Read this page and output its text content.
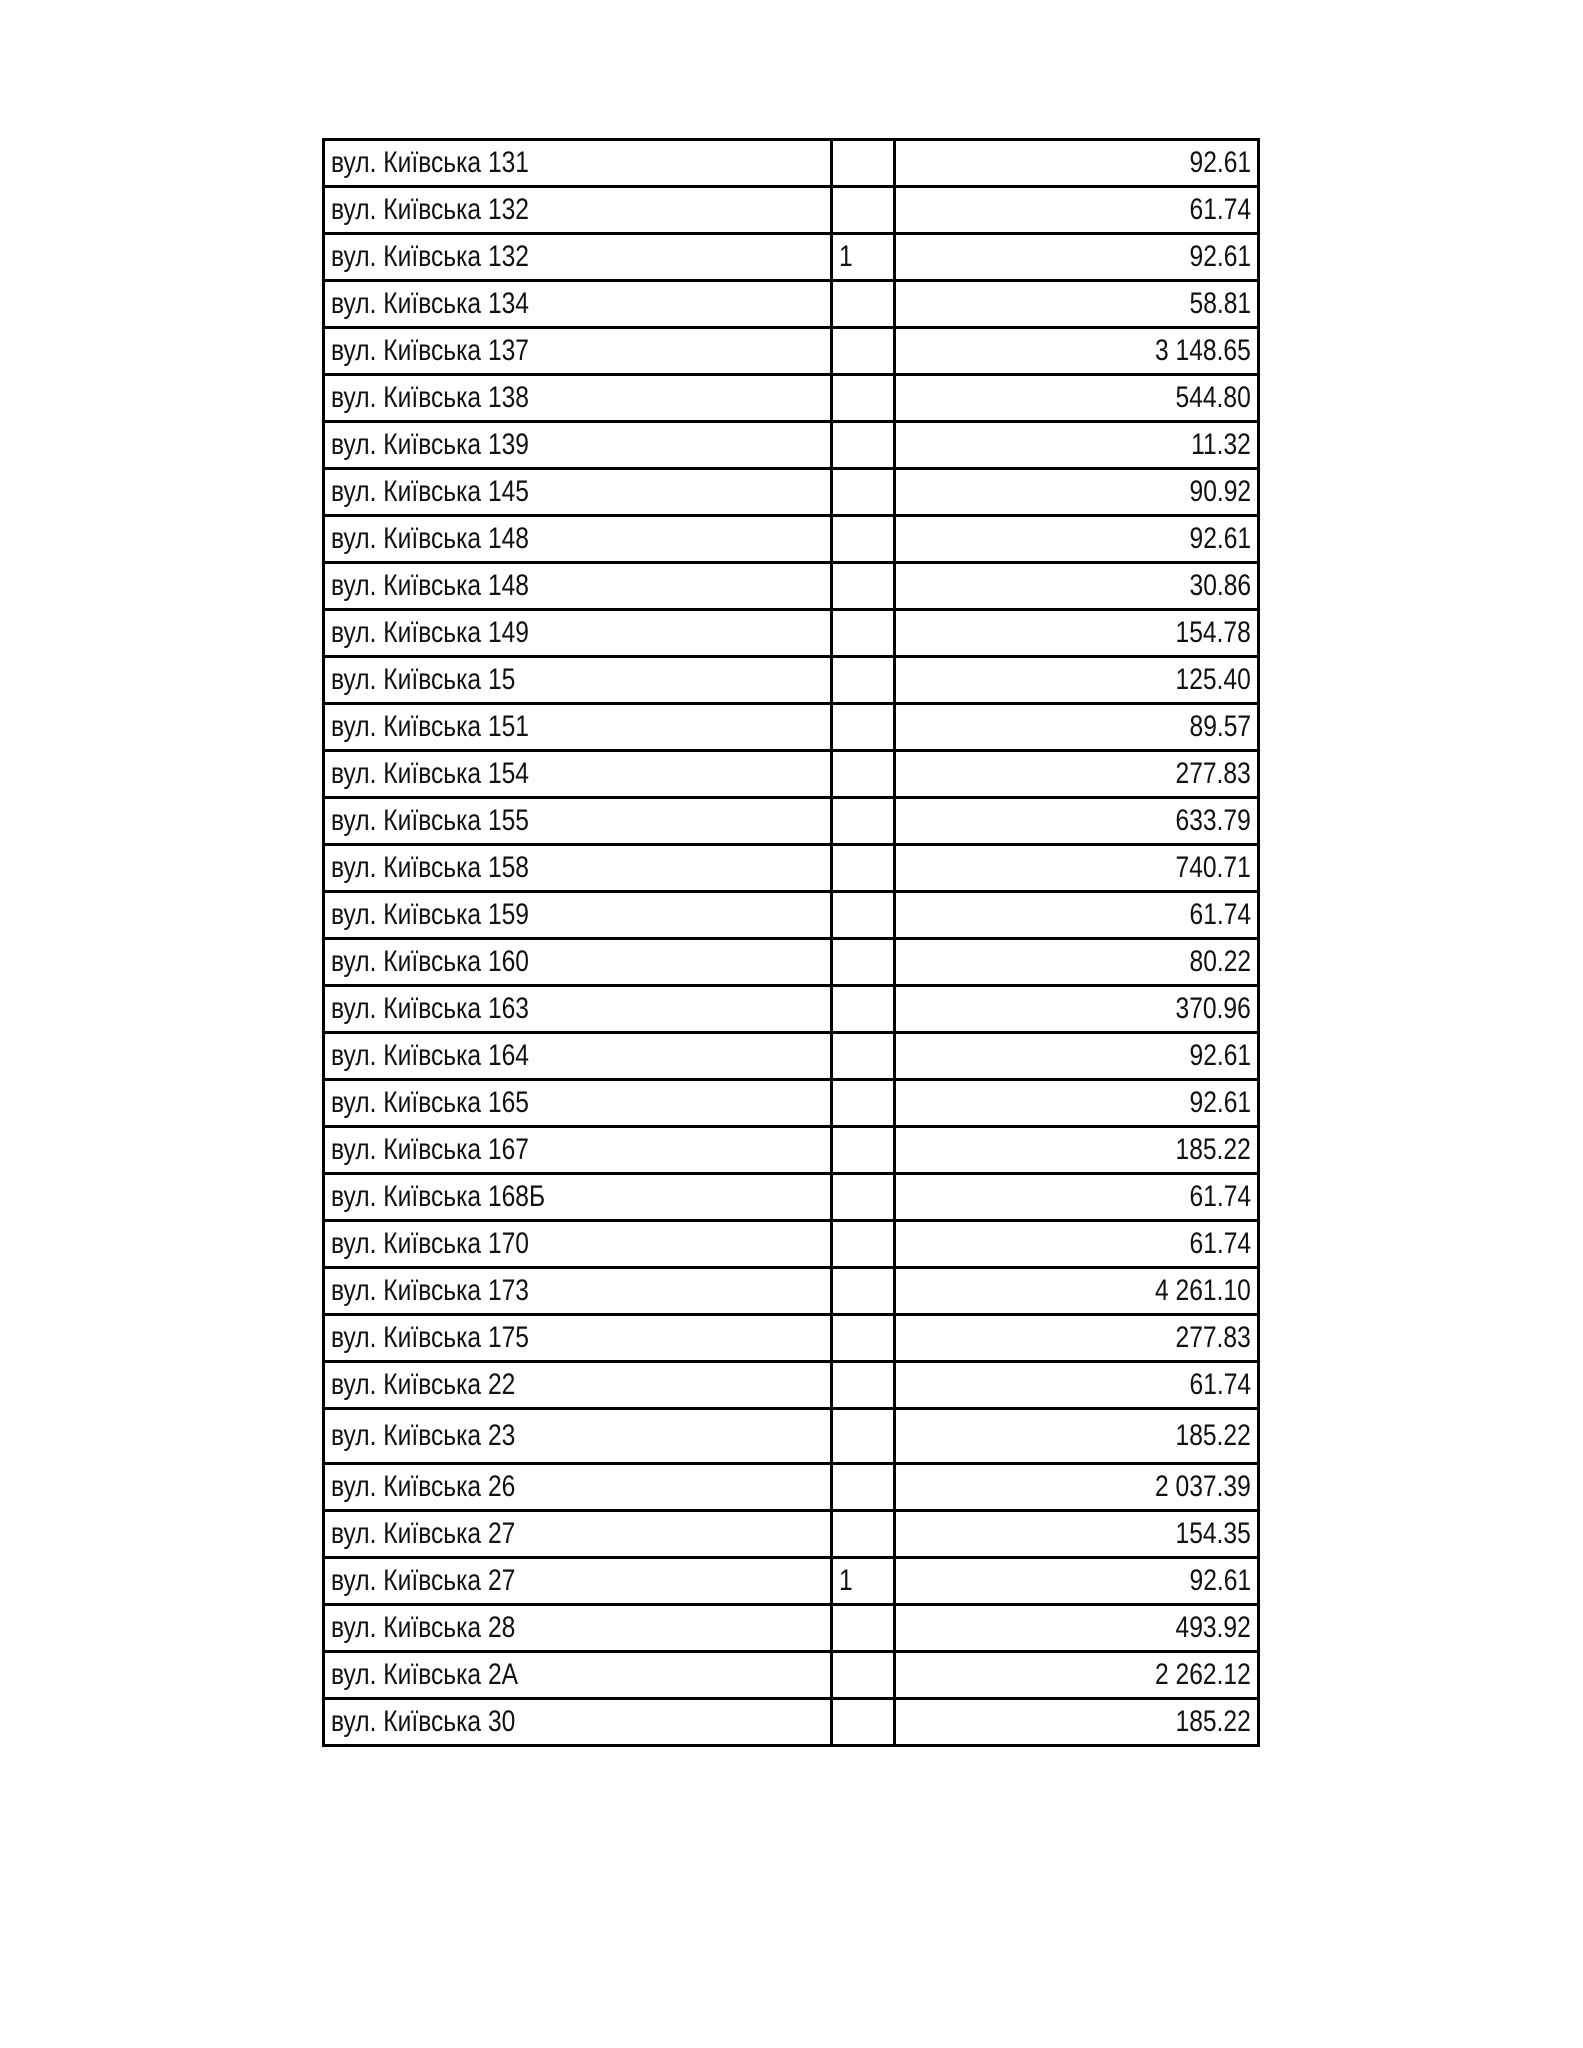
вул. Київська 131		92.61
вул. Київська 132		61.74
вул. Київська 132	1	92.61
вул. Київська 134		58.81
вул. Київська 137		3 148.65
вул. Київська 138		544.80
вул. Київська 139		11.32
вул. Київська 145		90.92
вул. Київська 148		92.61
вул. Київська 148		30.86
вул. Київська 149		154.78
вул. Київська 15		125.40
вул. Київська 151		89.57
вул. Київська 154		277.83
вул. Київська 155		633.79
вул. Київська 158		740.71
вул. Київська 159		61.74
вул. Київська 160		80.22
вул. Київська 163		370.96
вул. Київська 164		92.61
вул. Київська 165		92.61
вул. Київська 167		185.22
вул. Київська 168Б		61.74
вул. Київська 170		61.74
вул. Київська 173		4 261.10
вул. Київська 175		277.83
вул. Київська 22		61.74
вул. Київська 23		185.22
вул. Київська 26		2 037.39
вул. Київська 27		154.35
вул. Київська 27	1	92.61
вул. Київська 28		493.92
вул. Київська 2А		2 262.12
вул. Київська 30		185.22
